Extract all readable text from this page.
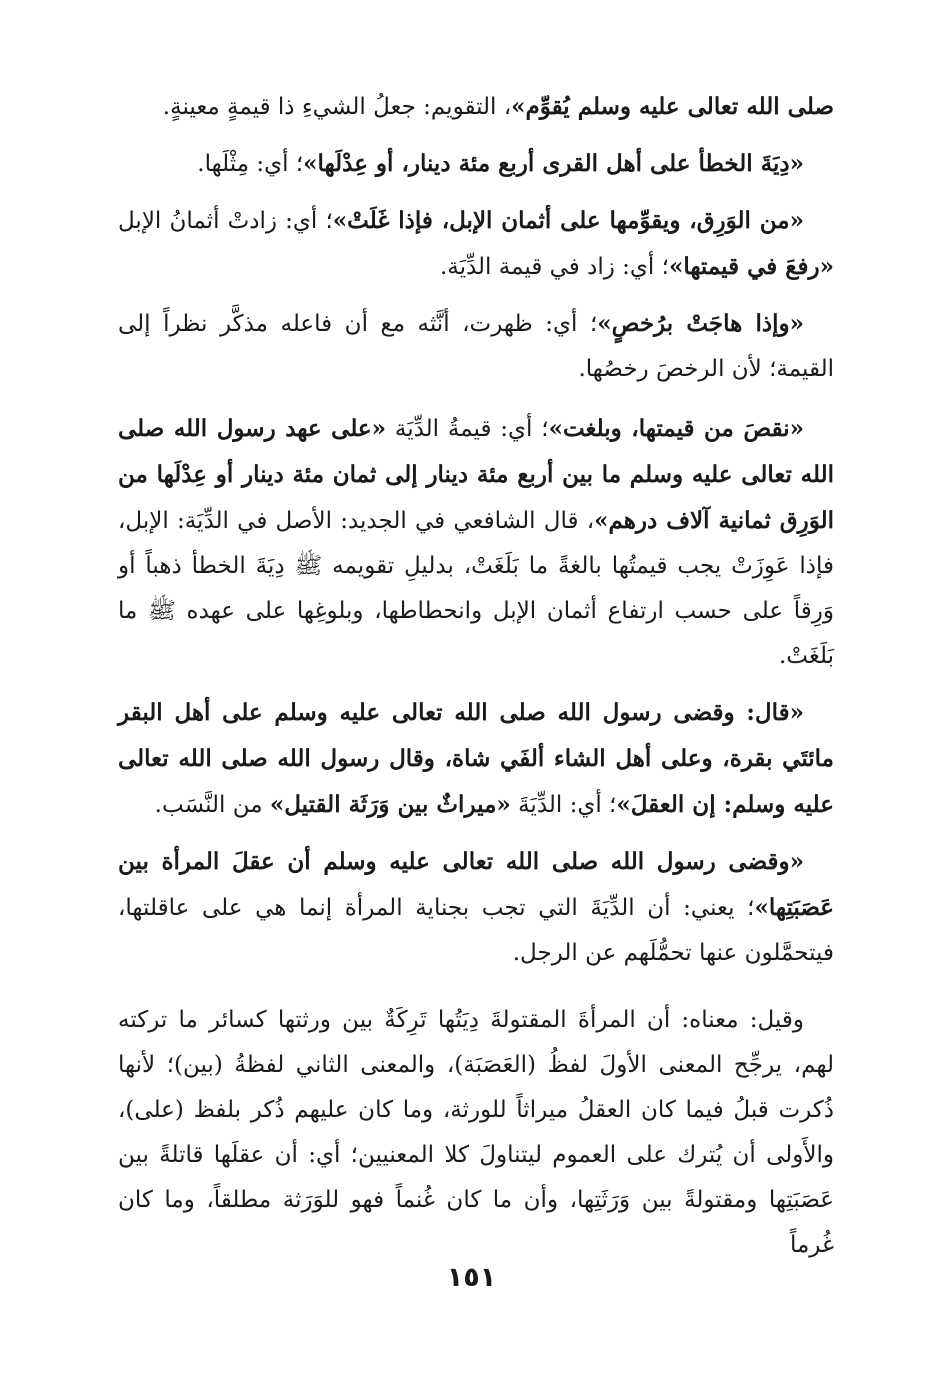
صلى الله تعالى عليه وسلم يُقوِّم»، التقويم: جعلُ الشيءِ ذا قيمةٍ معينةٍ.

«دِيَةَ الخطأ على أهل القرى أربع مئة دينار، أو عِدْلَها»؛ أي: مِثْلَها.

«من الوَرِق، ويقوِّمها على أثمان الإبل، فإذا غَلَتْ»؛ أي: زادتْ أثمانُ الإبل «رفعَ في قيمتها»؛ أي: زاد في قيمة الدِّيَة.

«وإذا هاجَتْ برُخصٍ»؛ أي: ظهرت، أنَّثه مع أن فاعله مذكَّر نظراً إلى القيمة؛ لأن الرخصَ رخصُها.

«نقصَ من قيمتها، وبلغت»؛ أي: قيمةُ الدِّيَة «على عهد رسول الله صلى الله تعالى عليه وسلم ما بين أربع مئة دينار إلى ثمان مئة دينار أو عِدْلَها من الوَرِق ثمانية آلاف درهم»، قال الشافعي في الجديد: الأصل في الدِّيَة: الإبل، فإذا عَوِزَتْ يجب قيمتُها بالغةً ما بَلَغَتْ، بدليلِ تقويمه ﷺ دِيَةَ الخطأ ذهباً أو وَرِقاً على حسب ارتفاع أثمان الإبل وانحطاطها، وبلوغِها على عهده ﷺ ما بَلَغَتْ.

«قال: وقضى رسول الله صلى الله تعالى عليه وسلم على أهل البقر مائتَي بقرة، وعلى أهل الشاء ألفَي شاة، وقال رسول الله صلى الله تعالى عليه وسلم: إن العقلَ»؛ أي: الدِّيَةَ «ميراثٌ بين وَرَثَة القتيل» من النَّسَب.

«وقضى رسول الله صلى الله تعالى عليه وسلم أن عقلَ المرأة بين عَصَبَتِها»؛ يعني: أن الدِّيَةَ التي تجب بجناية المرأة إنما هي على عاقلتها، فيتحمَّلون عنها تحمُّلَهم عن الرجل.

وقيل: معناه: أن المرأةَ المقتولةَ دِيَتُها تَرِكَةٌ بين ورثتها كسائر ما تركته لهم، يرجِّح المعنى الأولَ لفظُ (العَصَبَة)، والمعنى الثاني لفظةُ (بين)؛ لأنها ذُكرت قبلُ فيما كان العقلُ ميراثاً للورثة، وما كان عليهم ذُكر بلفظ (على)، والأَولى أن يُترك على العموم ليتناولَ كلا المعنيين؛ أي: أن عقلَها قاتلةً بين عَصَبَتِها ومقتولةً بين وَرَثَتِها، وأن ما كان غُنماً فهو للوَرَثة مطلقاً، وما كان غُرماً

١٥١
